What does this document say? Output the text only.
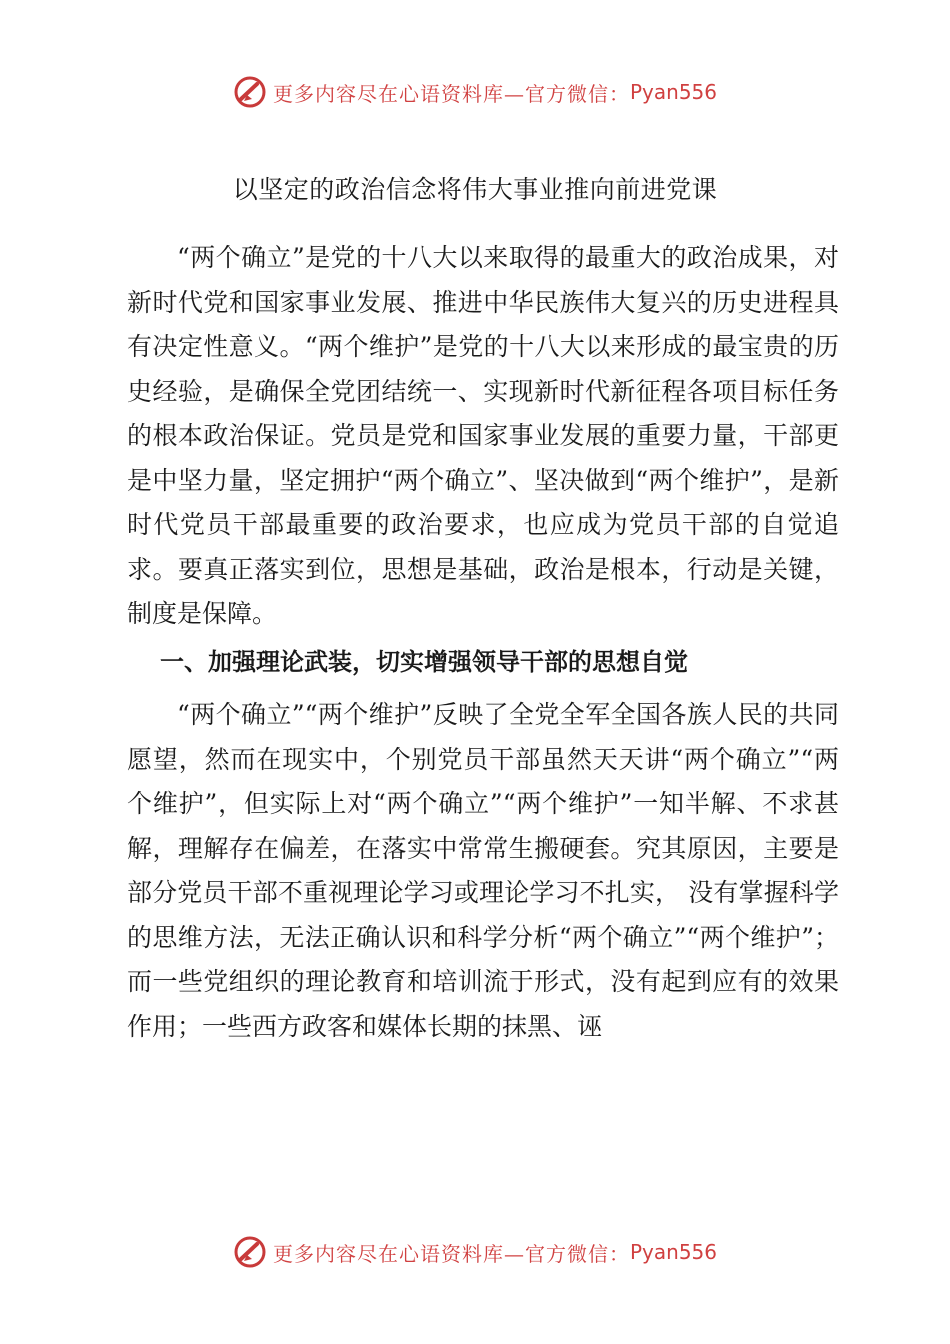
更多内容尽在心语资料库—官方微信： Pyan556
以坚定的政治信念将伟大事业推向前进党课

“两个确立”是党的十八大以来取得的最重大的政治成果，对新时代党和国家事业发展、推进中华民族伟大复兴的历史进程具有决定性意义。“两个维护”是党的十八大以来形成的最宝贵的历史经验，是确保全党团结统一、实现新时代新征程各项目标任务的根本政治保证。党员是党和国家事业发展的重要力量，干部更是中坚力量，坚定拥护“两个确立”、坚决做到“两个维护”，是新时代党员干部最重要的政治要求，也应成为党员干部的自觉追求。要真正落实到位，思想是基础，政治是根本，行动是关键，制度是保障。

一、加强理论武装，切实增强领导干部的思想自觉

“两个确立”“两个维护”反映了全党全军全国各族人民的共同愿望，然而在现实中，个别党员干部虽然天天讲“两个确立”“两个维护”，但实际上对“两个确立”“两个维护”一知半解、不求甚解，理解存在偏差，在落实中常常生搬硬套。究其原因，主要是部分党员干部不重视理论学习或理论学习不扎实， 没有掌握科学的思维方法，无法正确认识和科学分析“两个确立”“两个维护”；而一些党组织的理论教育和培训流于形式，没有起到应有的效果作用；一些西方政客和媒体长期的抹黑、诬

更多内容尽在心语资料库—官方微信： Pyan556
